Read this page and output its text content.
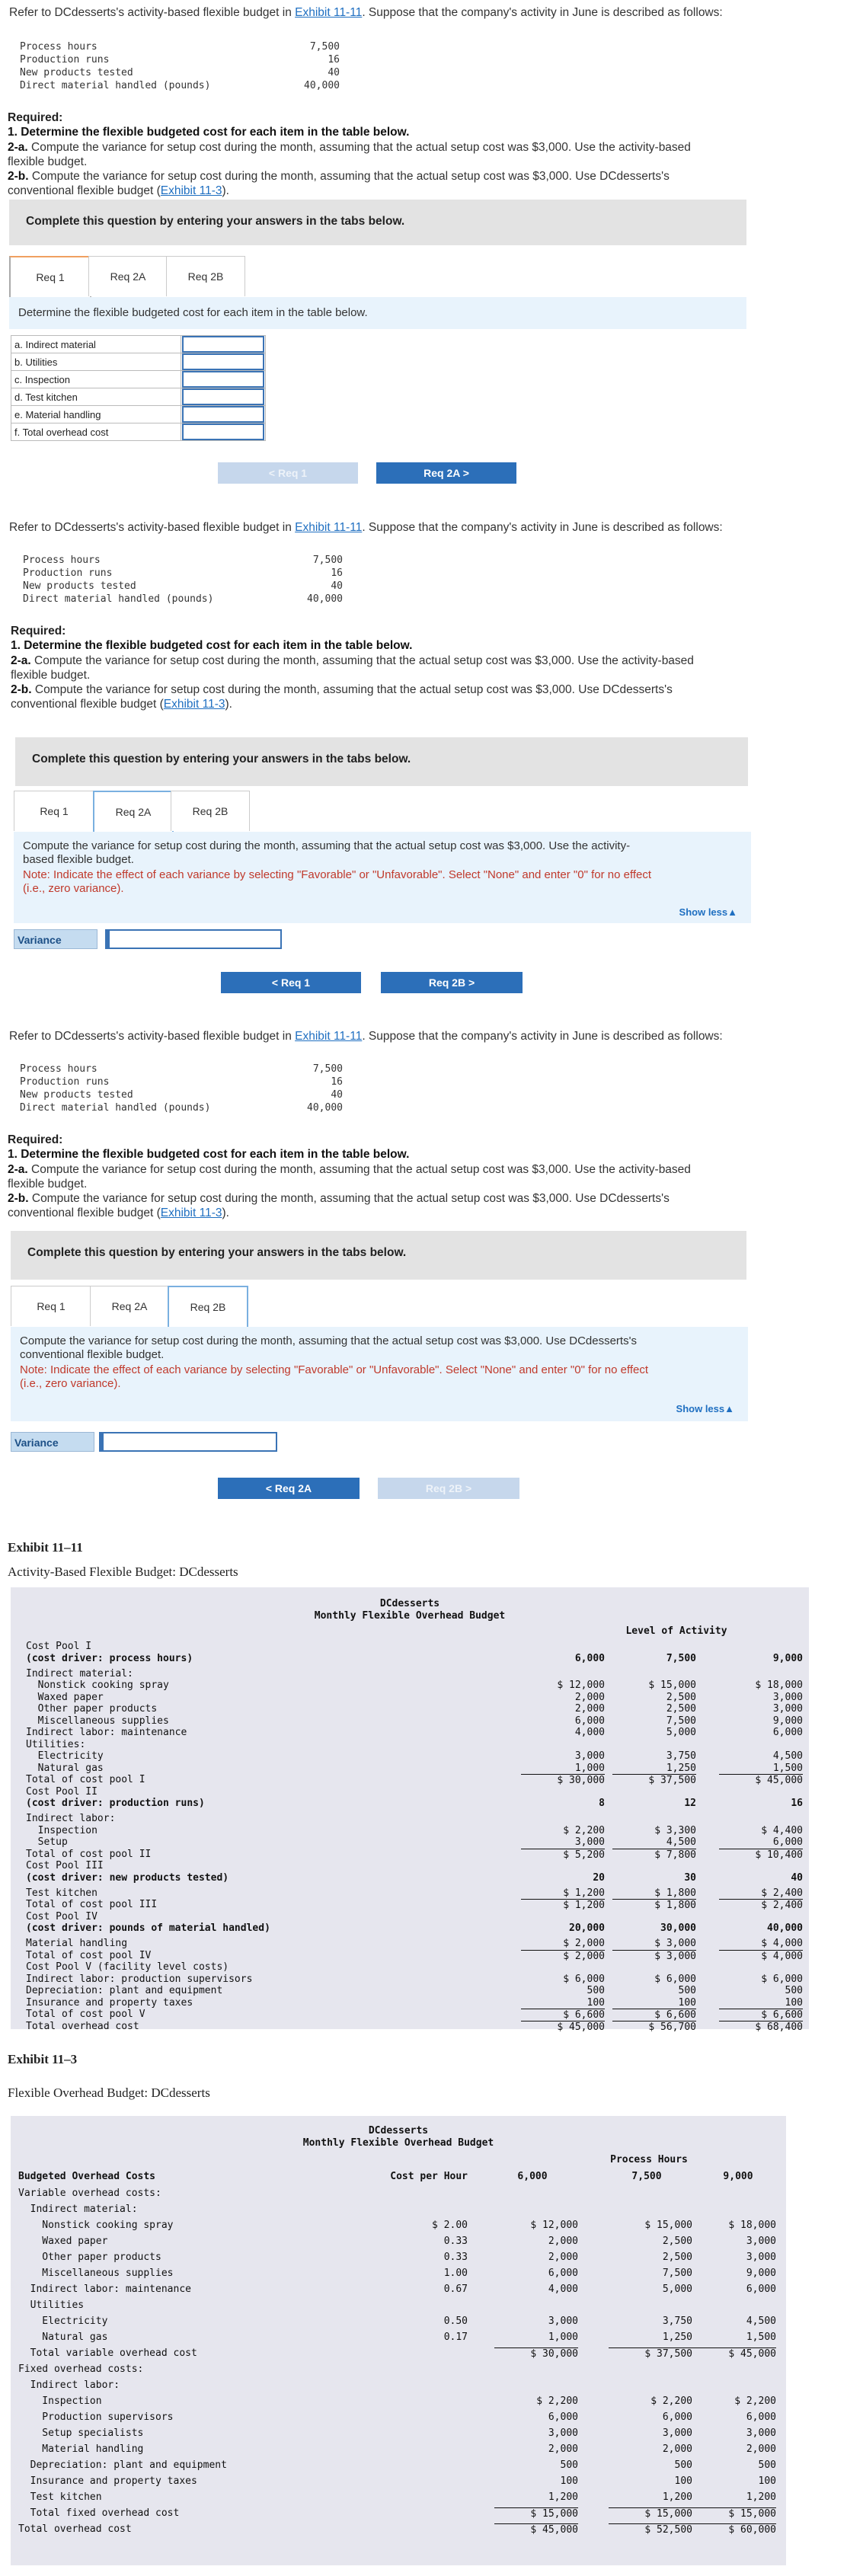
Refer to DCdesserts's activity-based flexible budget in Exhibit 11-11. Suppose that the company's activity in June is described as follows:
Process hours	7,500
Production runs	16
New products tested	40
Direct material handled (pounds)	40,000
Required:
1. Determine the flexible budgeted cost for each item in the table below.
2-a. Compute the variance for setup cost during the month, assuming that the actual setup cost was $3,000. Use the activity-based
flexible budget.
2-b. Compute the variance for setup cost during the month, assuming that the actual setup cost was $3,000. Use DCdesserts's
conventional flexible budget (Exhibit 11-3).
Complete this question by entering your answers in the tabs below.
Req 1	Req 2A	Req 2B
Determine the flexible budgeted cost for each item in the table below.
a. Indirect material	

b. Utilities	

c. Inspection	

d. Test kitchen	

e. Material handling	

f. Total overhead cost	
< Req 1	Req 2A >
Refer to DCdesserts's activity-based flexible budget in Exhibit 11-11. Suppose that the company's activity in June is described as follows:
Process hours	7,500
Production runs	16
New products tested	40
Direct material handled (pounds)	40,000
Required:
1. Determine the flexible budgeted cost for each item in the table below.
2-a. Compute the variance for setup cost during the month, assuming that the actual setup cost was $3,000. Use the activity-based
flexible budget.
2-b. Compute the variance for setup cost during the month, assuming that the actual setup cost was $3,000. Use DCdesserts's
conventional flexible budget (Exhibit 11-3).
Complete this question by entering your answers in the tabs below.
Req 1	Req 2A	Req 2B
Compute the variance for setup cost during the month, assuming that the actual setup cost was $3,000. Use the activity-
based flexible budget.
Note: Indicate the effect of each variance by selecting "Favorable" or "Unfavorable". Select "None" and enter "0" for no effect
(i.e., zero variance).
Show less▲
Variance
< Req 1	Req 2B >
Refer to DCdesserts's activity-based flexible budget in Exhibit 11-11. Suppose that the company's activity in June is described as follows:
Process hours	7,500
Production runs	16
New products tested	40
Direct material handled (pounds)	40,000
Required:
1. Determine the flexible budgeted cost for each item in the table below.
2-a. Compute the variance for setup cost during the month, assuming that the actual setup cost was $3,000. Use the activity-based
flexible budget.
2-b. Compute the variance for setup cost during the month, assuming that the actual setup cost was $3,000. Use DCdesserts's
conventional flexible budget (Exhibit 11-3).
Complete this question by entering your answers in the tabs below.
Req 1	Req 2A	Req 2B
Compute the variance for setup cost during the month, assuming that the actual setup cost was $3,000. Use DCdesserts's
conventional flexible budget.
Note: Indicate the effect of each variance by selecting "Favorable" or "Unfavorable". Select "None" and enter "0" for no effect
(i.e., zero variance).
Show less▲
Variance
< Req 2A	Req 2B >
Exhibit 11–11
Activity-Based Flexible Budget: DCdesserts
DCdesserts
Monthly Flexible Overhead Budget
Level of Activity
Cost Pool I
(cost driver: process hours)	6,000	7,500	9,000
Indirect material:
Nonstick cooking spray	$ 12,000	$ 15,000	$ 18,000
Waxed paper	2,000	2,500	3,000
Other paper products	2,000	2,500	3,000
Miscellaneous supplies	6,000	7,500	9,000
Indirect labor: maintenance	4,000	5,000	6,000
Utilities:
Electricity	3,000	3,750	4,500
Natural gas	1,000	1,250	1,500
Total of cost pool I	$ 30,000	$ 37,500	$ 45,000
Cost Pool II
(cost driver: production runs)	8	12	16
Indirect labor:
Inspection	$ 2,200	$ 3,300	$ 4,400
Setup	3,000	4,500	6,000
Total of cost pool II	$ 5,200	$ 7,800	$ 10,400
Cost Pool III
(cost driver: new products tested)	20	30	40
Test kitchen	$ 1,200	$ 1,800	$ 2,400
Total of cost pool III	$ 1,200	$ 1,800	$ 2,400
Cost Pool IV
(cost driver: pounds of material handled)	20,000	30,000	40,000
Material handling	$ 2,000	$ 3,000	$ 4,000
Total of cost pool IV	$ 2,000	$ 3,000	$ 4,000
Cost Pool V (facility level costs)
Indirect labor: production supervisors	$ 6,000	$ 6,000	$ 6,000
Depreciation: plant and equipment	500	500	500
Insurance and property taxes	100	100	100
Total of cost pool V	$ 6,600	$ 6,600	$ 6,600
Total overhead cost	$ 45,000	$ 56,700	$ 68,400
Exhibit 11–3
Flexible Overhead Budget: DCdesserts
DCdesserts
Monthly Flexible Overhead Budget
Process Hours
Budgeted Overhead Costs	Cost per Hour	6,000	7,500	9,000
Variable overhead costs:
Indirect material:
Nonstick cooking spray	$ 2.00	$ 12,000	$ 15,000	$ 18,000
Waxed paper	0.33	2,000	2,500	3,000
Other paper products	0.33	2,000	2,500	3,000
Miscellaneous supplies	1.00	6,000	7,500	9,000
Indirect labor: maintenance	0.67	4,000	5,000	6,000
Utilities
Electricity	0.50	3,000	3,750	4,500
Natural gas	0.17	1,000	1,250	1,500
Total variable overhead cost	$ 30,000	$ 37,500	$ 45,000
Fixed overhead costs:
Indirect labor:
Inspection	$ 2,200	$ 2,200	$ 2,200
Production supervisors	6,000	6,000	6,000
Setup specialists	3,000	3,000	3,000
Material handling	2,000	2,000	2,000
Depreciation: plant and equipment	500	500	500
Insurance and property taxes	100	100	100
Test kitchen	1,200	1,200	1,200
Total fixed overhead cost	$ 15,000	$ 15,000	$ 15,000
Total overhead cost	$ 45,000	$ 52,500	$ 60,000
